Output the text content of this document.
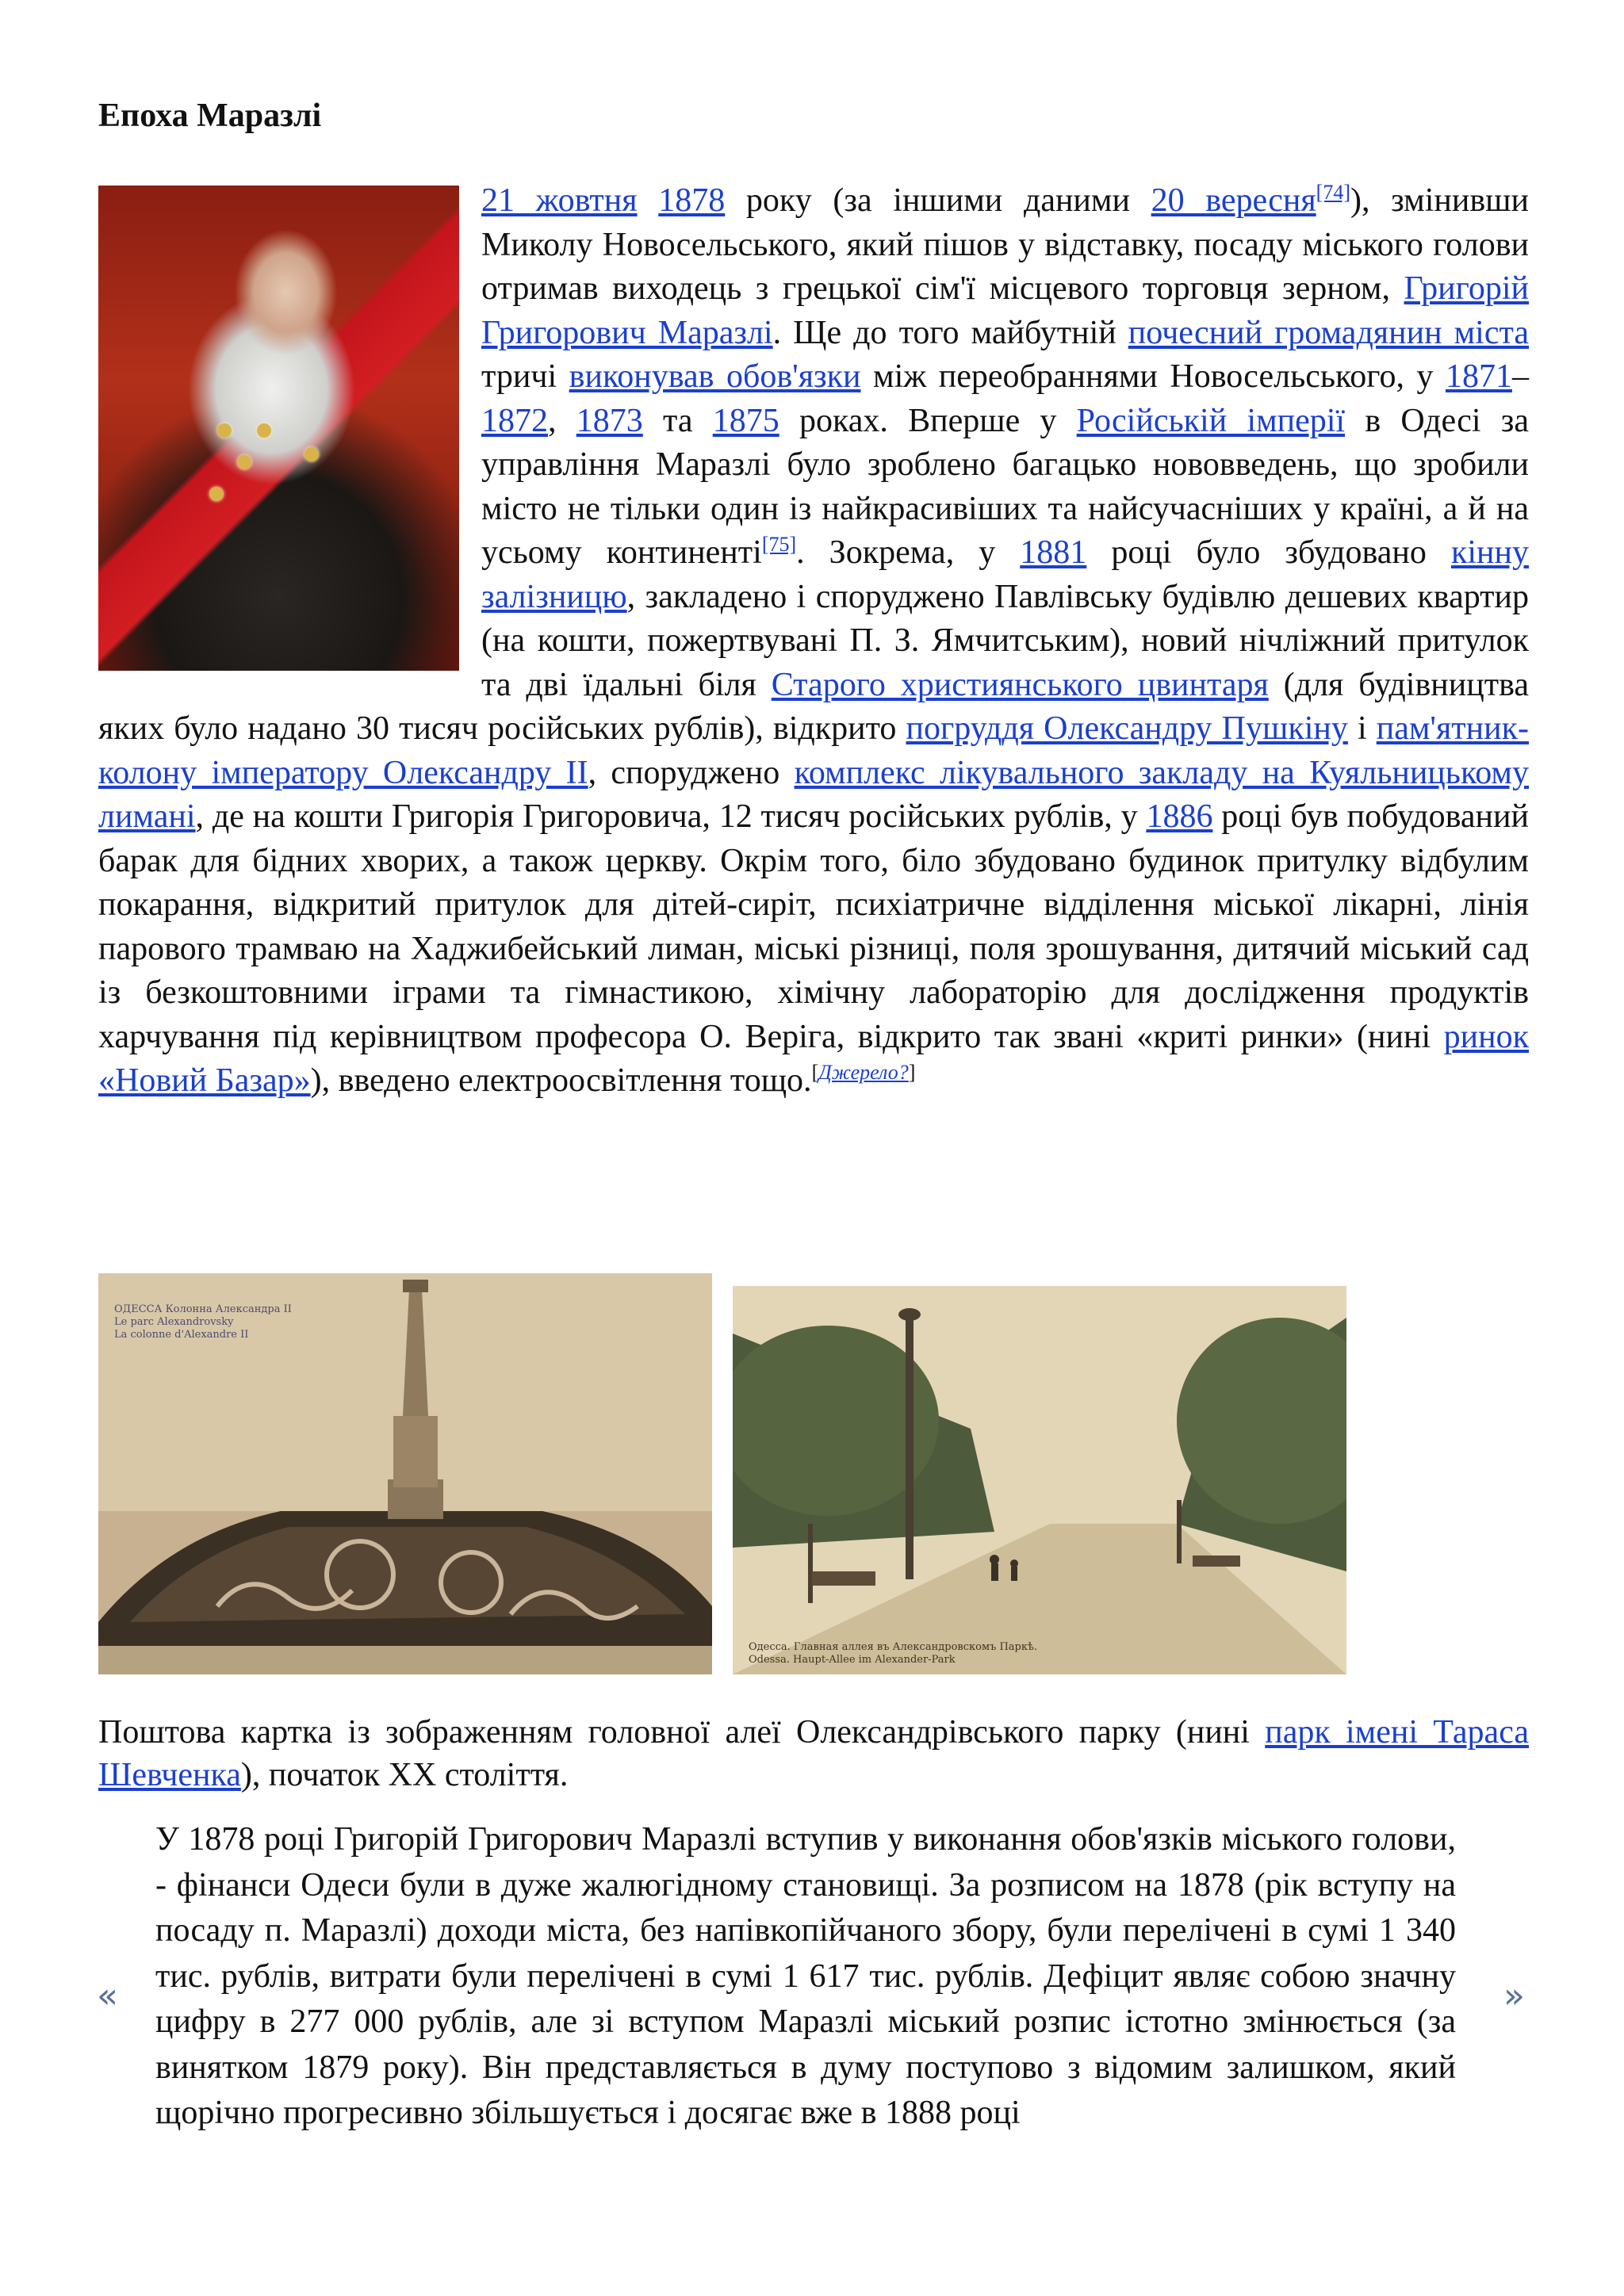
Епоха Маразлі
21 жовтня 1878 року (за іншими даними 20 вересня[74]), змінивши Миколу Новосельського, який пішов у відставку, посаду міського голови отримав виходець з грецької сім'ї місцевого торговця зерном, Григорій Григорович Маразлі. Ще до того майбутній почесний громадянин міста тричі виконував обов'язки між переобраннями Новосельського, у 1871–1872, 1873 та 1875 роках. Вперше у Російській імперії в Одесі за управління Маразлі було зроблено багацько нововведень, що зробили місто не тільки один із найкрасивіших та найсучасніших у країні, а й на усьому континенті[75]. Зокрема, у 1881 році було збудовано кінну залізницю, закладено і споруджено Павлівську будівлю дешевих квартир (на кошти, пожертвувані П. З. Ямчитським), новий нічліжний притулок та дві їдальні біля Старого християнського цвинтаря (для будівництва яких було надано 30 тисяч російських рублів), відкрито погруддя Олександру Пушкіну і пам'ятник-колону імператору Олександру ІІ, споруджено комплекс лікувального закладу на Куяльницькому лимані, де на кошти Григорія Григоровича, 12 тисяч російських рублів, у 1886 році був побудований барак для бідних хворих, а також церкву. Окрім того, біло збудовано будинок притулку відбулим покарання, відкритий притулок для дітей-сиріт, психіатричне відділення міської лікарні, лінія парового трамваю на Хаджибейський лиман, міські різниці, поля зрошування, дитячий міський сад із безкоштовними іграми та гімнастикою, хімічну лабораторію для дослідження продуктів харчування під керівництвом професора О. Веріга, відкрито так звані «криті ринки» (нині ринок «Новий Базар»), введено електроосвітлення тощо.[Джерело?]
ОДЕССА Колонна Александра II
Le parc Alexandrovsky
La colonne d'Alexandre II
Одесса. Главная аллея въ Александровскомъ Паркѣ.
Odessa. Haupt-Allee im Alexander-Park
Поштова картка із зображенням головної алеї Олександрівського парку (нині парк імені Тараса Шевченка), початок XX століття.
«
У 1878 році Григорій Григорович Маразлі вступив у виконання обов'язків міського голови, - фінанси Одеси були в дуже жалюгідному становищі. За розписом на 1878 (рік вступу на посаду п. Маразлі) доходи міста, без напівкопійчаного збору, були перелічені в сумі 1 340 тис. рублів, витрати були перелічені в сумі 1 617 тис. рублів. Дефіцит являє собою значну цифру в 277 000 рублів, але зі вступом Маразлі міський розпис істотно змінюється (за винятком 1879 року). Він представляється в думу поступово з відомим залишком, який щорічно прогресивно збільшується і досягає вже в 1888 році
»
